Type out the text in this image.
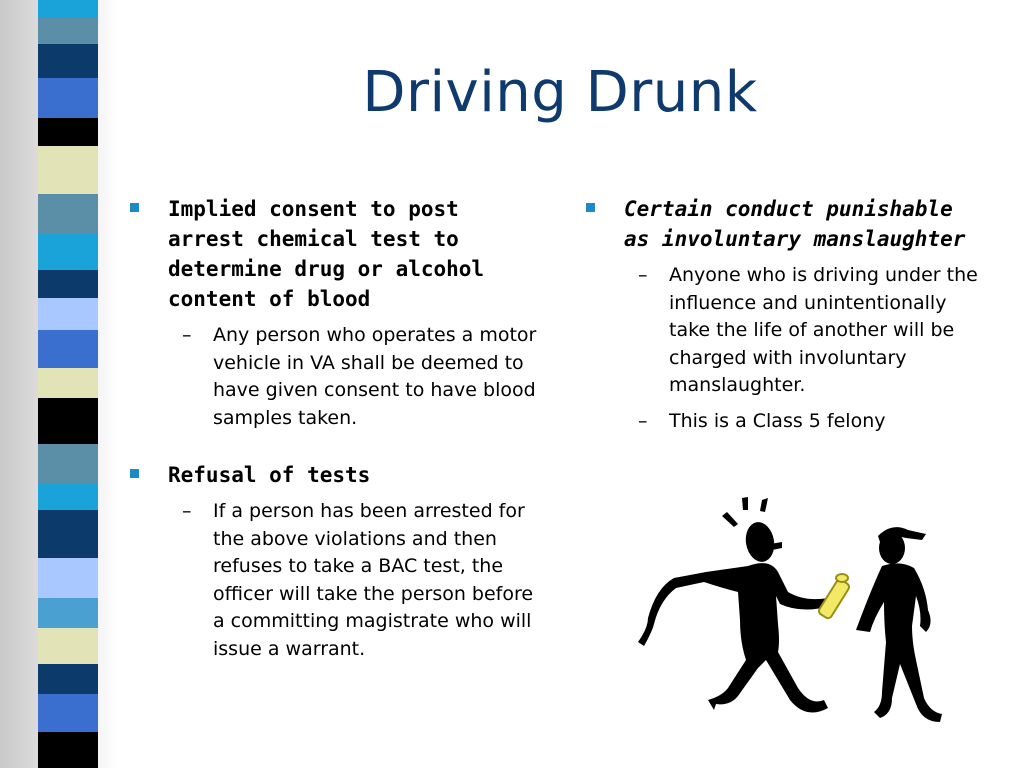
Driving Drunk
Implied consent to post arrest chemical test to determine drug or alcohol content of blood
– Any person who operates a motor vehicle in VA shall be deemed to have given consent to have blood samples taken.
Refusal of tests
– If a person has been arrested for the above violations and then refuses to take a BAC test, the officer will take the person before a committing magistrate who will issue a warrant.
Certain conduct punishable as involuntary manslaughter
– Anyone who is driving under the influence and unintentionally take the life of another will be charged with involuntary manslaughter.
– This is a Class 5 felony
